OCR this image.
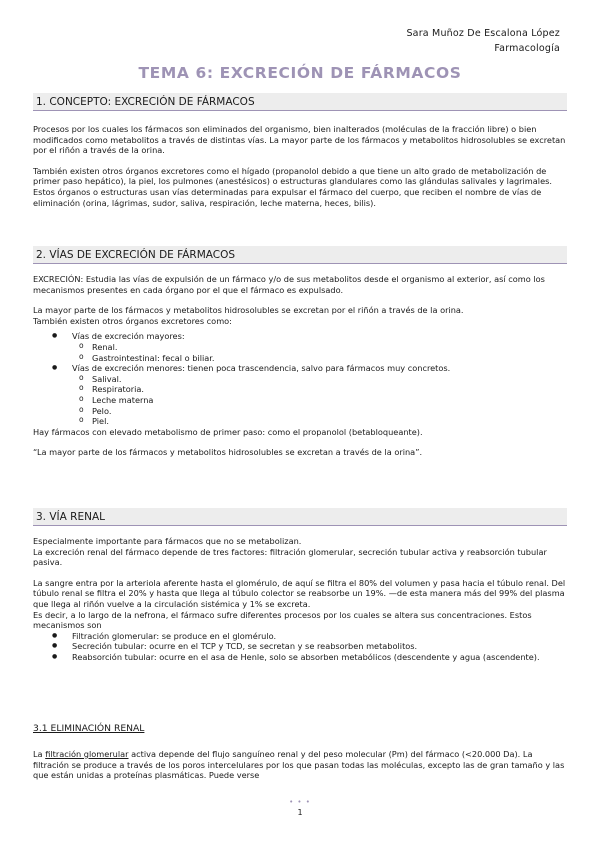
Sara Muñoz De Escalona López
Farmacología
TEMA 6: EXCRECIÓN DE FÁRMACOS
1. CONCEPTO: EXCRECIÓN DE FÁRMACOS

Procesos por los cuales los fármacos son eliminados del organismo, bien inalterados (moléculas de la fracción libre) o bien modificados como metabolitos a través de distintas vías. La mayor parte de los fármacos y metabolitos hidrosolubles se excretan por el riñón a través de la orina.

También existen otros órganos excretores como el hígado (propanolol debido a que tiene un alto grado de metabolización de primer paso hepático), la piel, los pulmones (anestésicos) o estructuras glandulares como las glándulas salivales y lagrimales. Estos órganos o estructuras usan vías determinadas para expulsar el fármaco del cuerpo, que reciben el nombre de vías de eliminación (orina, lágrimas, sudor, saliva, respiración, leche materna, heces, bilis).

2. VÍAS DE EXCRECIÓN DE FÁRMACOS

EXCRECIÓN: Estudia las vías de expulsión de un fármaco y/o de sus metabolitos desde el organismo al exterior, así como los mecanismos presentes en cada órgano por el que el fármaco es expulsado.

La mayor parte de los fármacos y metabolitos hidrosolubles se excretan por el riñón a través de la orina.

También existen otros órganos excretores como:

● Vías de excreción mayores:
o Renal.
o Gastrointestinal: fecal o biliar.
● Vías de excreción menores: tienen poca trascendencia, salvo para fármacos muy concretos.
o Salival.
o Respiratoria.
o Leche materna
o Pelo.
o Piel.

Hay fármacos con elevado metabolismo de primer paso: como el propanolol (betabloqueante).

“La mayor parte de los fármacos y metabolitos hidrosolubles se excretan a través de la orina”.

3. VÍA RENAL

Especialmente importante para fármacos que no se metabolizan.

La excreción renal del fármaco depende de tres factores: filtración glomerular, secreción tubular activa y reabsorción tubular pasiva.

La sangre entra por la arteriola aferente hasta el glomérulo, de aquí se filtra el 80% del volumen y pasa hacia el túbulo renal. Del túbulo renal se filtra el 20% y hasta que llega al túbulo colector se reabsorbe un 19%. —de esta manera más del 99% del plasma que llega al riñón vuelve a la circulación sistémica y 1% se excreta.

Es decir, a lo largo de la nefrona, el fármaco sufre diferentes procesos por los cuales se altera sus concentraciones. Estos mecanismos son

● Filtración glomerular: se produce en el glomérulo.
● Secreción tubular: ocurre en el TCP y TCD, se secretan y se reabsorben metabolitos.
● Reabsorción tubular: ocurre en el asa de Henle, solo se absorben metabólicos (descendente y agua (ascendente).
3.1 ELIMINACIÓN RENAL

La filtración glomerular activa depende del flujo sanguíneo renal y del peso molecular (Pm) del fármaco (<20.000 Da). La filtración se produce a través de los poros intercelulares por los que pasan todas las moléculas, excepto las de gran tamaño y las que están unidas a proteínas plasmáticas. Puede verse

• • •
1
